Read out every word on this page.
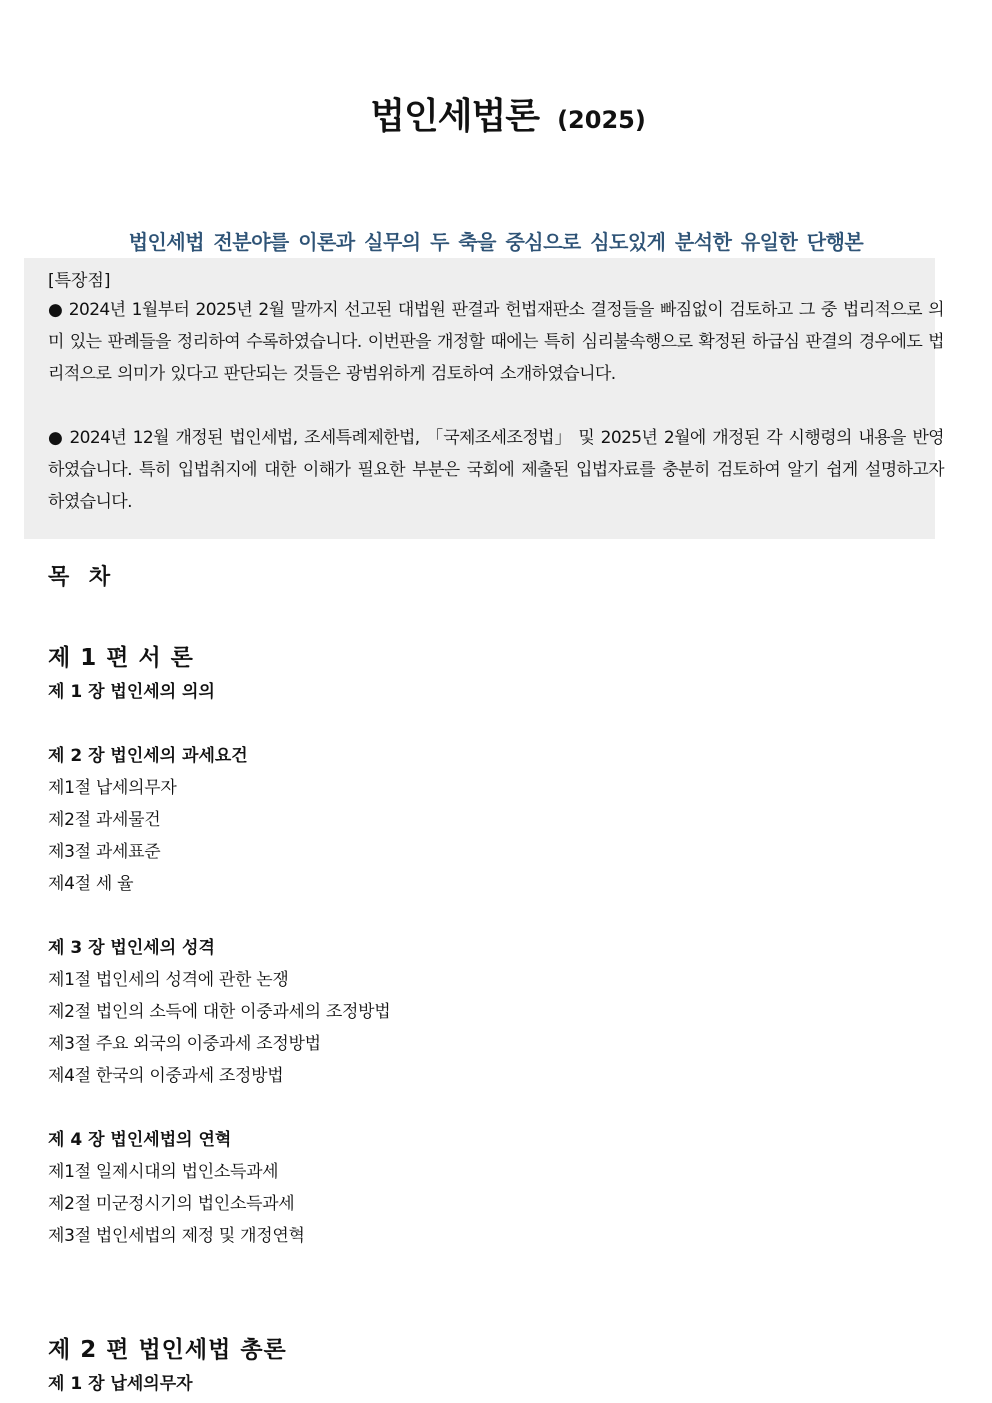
법인세법론 (2025)
법인세법 전분야를 이론과 실무의 두 축을 중심으로 심도있게 분석한 유일한 단행본
[특장점]
● 2024년 1월부터 2025년 2월 말까지 선고된 대법원 판결과 헌법재판소 결정들을 빠짐없이 검토하고 그 중 법리적으로 의미 있는 판례들을 정리하여 수록하였습니다. 이번판을 개정할 때에는 특히 심리불속행으로 확정된 하급심 판결의 경우에도 법리적으로 의미가 있다고 판단되는 것들은 광범위하게 검토하여 소개하였습니다.
● 2024년 12월 개정된 법인세법, 조세특례제한법, 「국제조세조정법」 및 2025년 2월에 개정된 각 시행령의 내용을 반영하였습니다. 특히 입법취지에 대한 이해가 필요한 부분은 국회에 제출된 입법자료를 충분히 검토하여 알기 쉽게 설명하고자 하였습니다.
목 차
제 1 편 서 론
제 1 장 법인세의 의의
제 2 장 법인세의 과세요건
제1절 납세의무자
제2절 과세물건
제3절 과세표준
제4절 세 율
제 3 장 법인세의 성격
제1절 법인세의 성격에 관한 논쟁
제2절 법인의 소득에 대한 이중과세의 조정방법
제3절 주요 외국의 이중과세 조정방법
제4절 한국의 이중과세 조정방법
제 4 장 법인세법의 연혁
제1절 일제시대의 법인소득과세
제2절 미군정시기의 법인소득과세
제3절 법인세법의 제정 및 개정연혁
제 2 편 법인세법 총론
제 1 장 납세의무자
